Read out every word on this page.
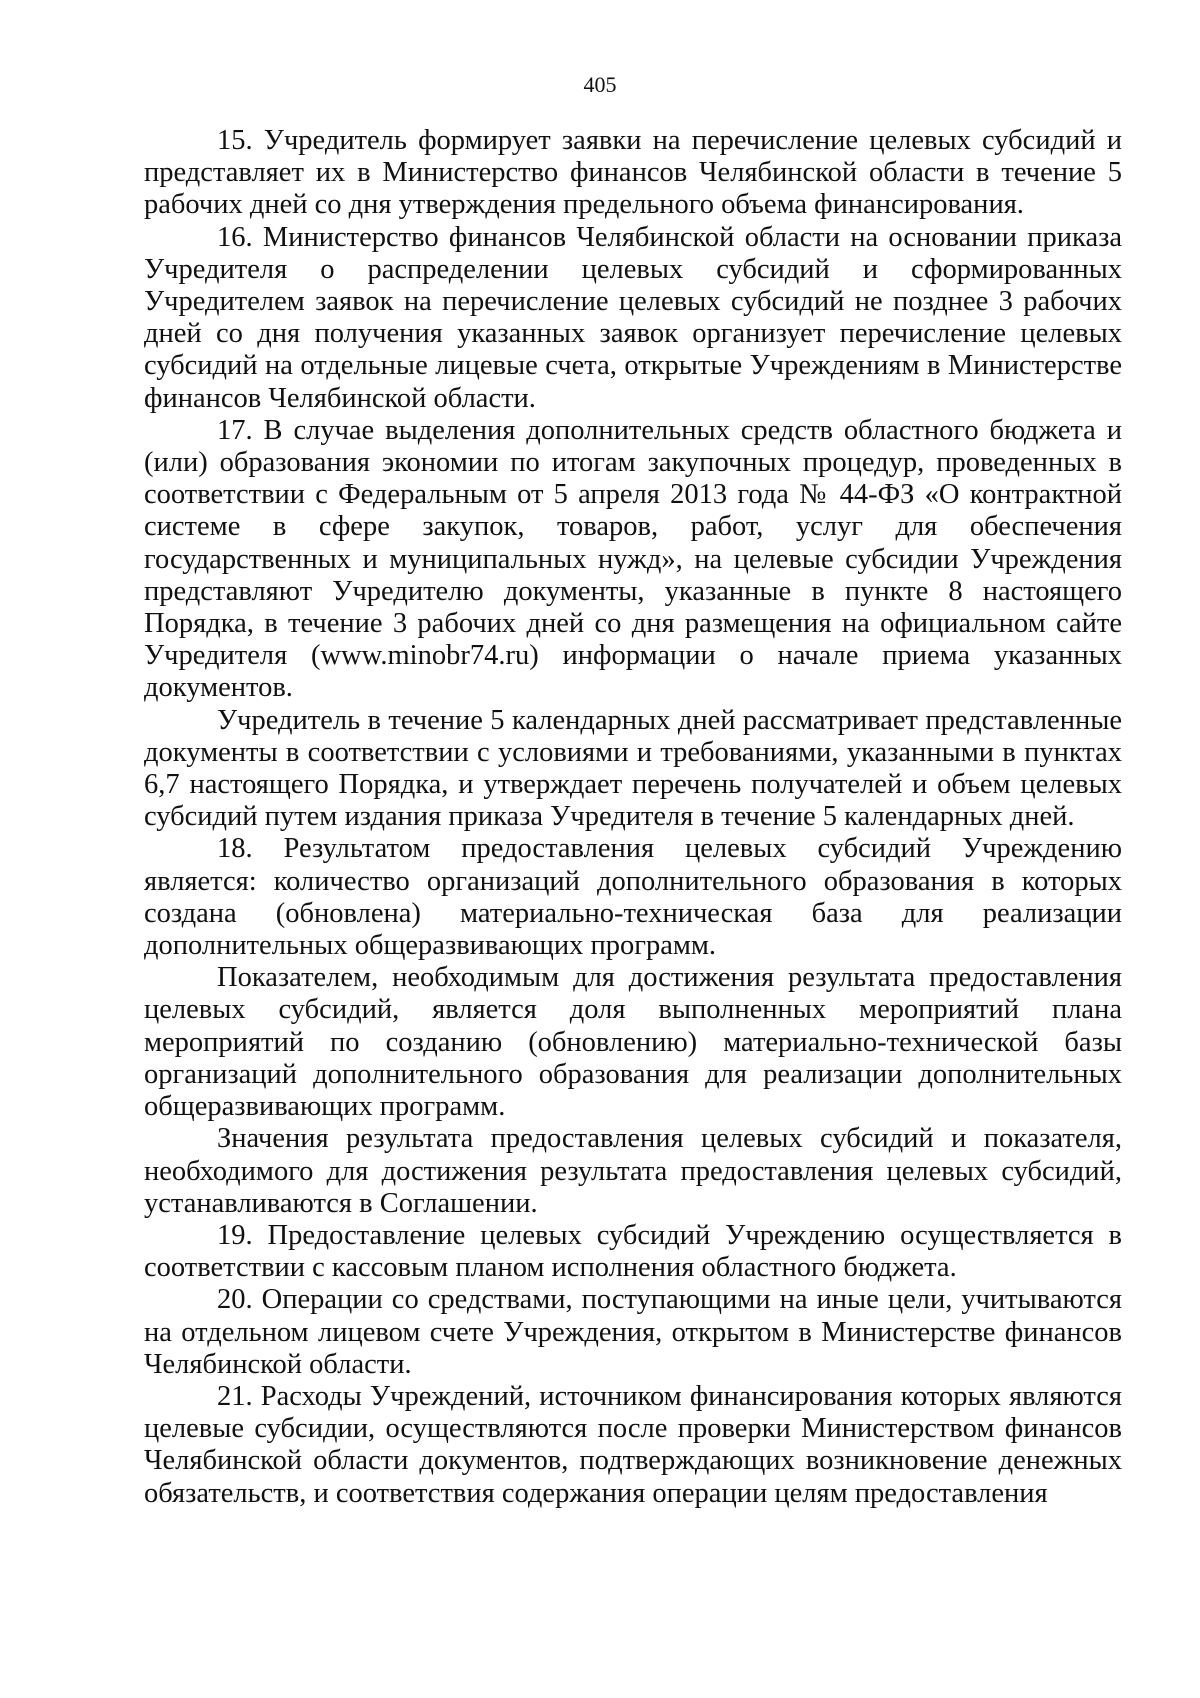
405

15. Учредитель формирует заявки на перечисление целевых субсидий и представляет их в Министерство финансов Челябинской области в течение 5 рабочих дней со дня утверждения предельного объема финансирования.

16. Министерство финансов Челябинской области на основании приказа Учредителя о распределении целевых субсидий и сформированных Учредителем заявок на перечисление целевых субсидий не позднее 3 рабочих дней со дня получения указанных заявок организует перечисление целевых субсидий на отдельные лицевые счета, открытые Учреждениям в Министерстве финансов Челябинской области.

17. В случае выделения дополнительных средств областного бюджета и (или) образования экономии по итогам закупочных процедур, проведенных в соответствии с Федеральным от 5 апреля 2013 года № 44-ФЗ «О контрактной системе в сфере закупок, товаров, работ, услуг для обеспечения государственных и муниципальных нужд», на целевые субсидии Учреждения представляют Учредителю документы, указанные в пункте 8 настоящего Порядка, в течение 3 рабочих дней со дня размещения на официальном сайте Учредителя (www.minobr74.ru) информации о начале приема указанных документов.

Учредитель в течение 5 календарных дней рассматривает представленные документы в соответствии с условиями и требованиями, указанными в пунктах 6,7 настоящего Порядка, и утверждает перечень получателей и объем целевых субсидий путем издания приказа Учредителя в течение 5 календарных дней.

18. Результатом предоставления целевых субсидий Учреждению является: количество организаций дополнительного образования в которых создана (обновлена) материально-техническая база для реализации дополнительных общеразвивающих программ.

Показателем, необходимым для достижения результата предоставления целевых субсидий, является доля выполненных мероприятий плана мероприятий по созданию (обновлению) материально-технической базы организаций дополнительного образования для реализации дополнительных общеразвивающих программ.

Значения результата предоставления целевых субсидий и показателя, необходимого для достижения результата предоставления целевых субсидий, устанавливаются в Соглашении.

19. Предоставление целевых субсидий Учреждению осуществляется в соответствии с кассовым планом исполнения областного бюджета.

20. Операции со средствами, поступающими на иные цели, учитываются на отдельном лицевом счете Учреждения, открытом в Министерстве финансов Челябинской области.

21. Расходы Учреждений, источником финансирования которых являются целевые субсидии, осуществляются после проверки Министерством финансов Челябинской области документов, подтверждающих возникновение денежных обязательств, и соответствия содержания операции целям предоставления
